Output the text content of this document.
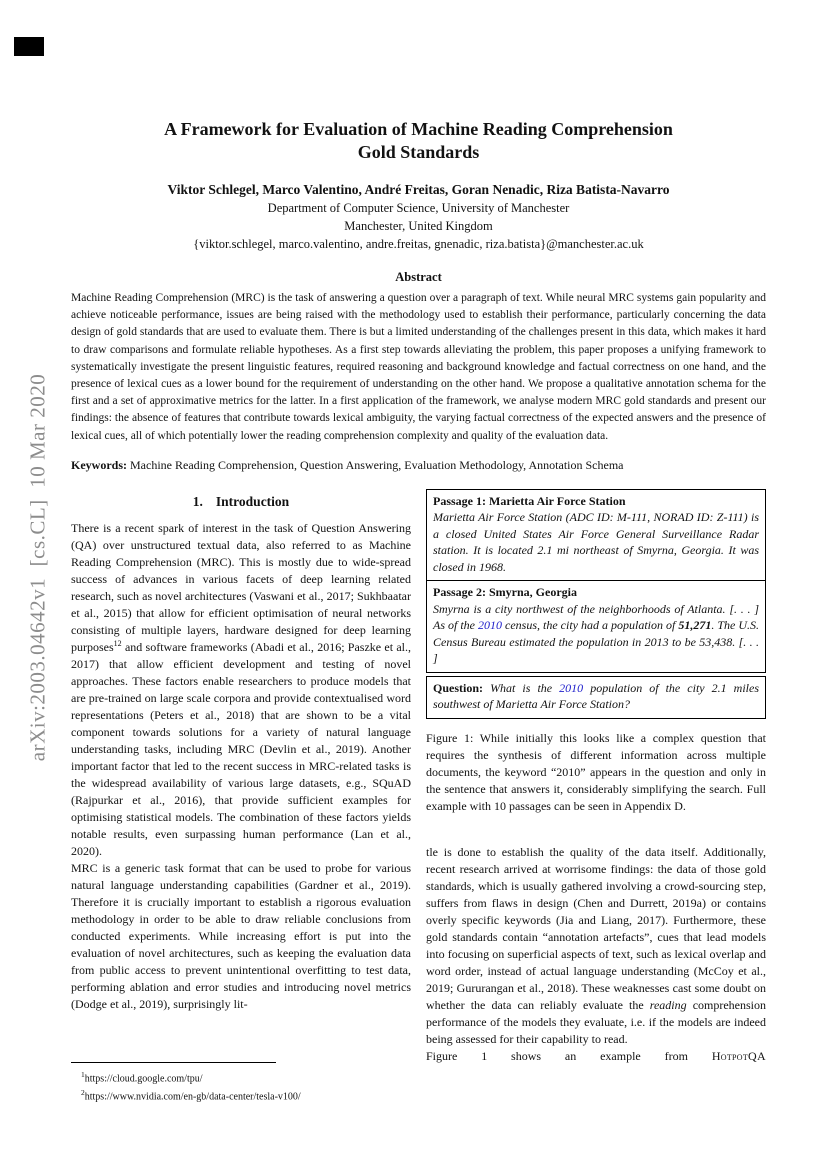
arXiv:2003.04642v1  [cs.CL]  10 Mar 2020
A Framework for Evaluation of Machine Reading Comprehension
Gold Standards
Viktor Schlegel, Marco Valentino, André Freitas, Goran Nenadic, Riza Batista-Navarro
Department of Computer Science, University of Manchester
Manchester, United Kingdom
{viktor.schlegel, marco.valentino, andre.freitas, gnenadic, riza.batista}@manchester.ac.uk
Abstract
Machine Reading Comprehension (MRC) is the task of answering a question over a paragraph of text. While neural MRC systems gain popularity and achieve noticeable performance, issues are being raised with the methodology used to establish their performance, particularly concerning the data design of gold standards that are used to evaluate them. There is but a limited understanding of the challenges present in this data, which makes it hard to draw comparisons and formulate reliable hypotheses. As a first step towards alleviating the problem, this paper proposes a unifying framework to systematically investigate the present linguistic features, required reasoning and background knowledge and factual correctness on one hand, and the presence of lexical cues as a lower bound for the requirement of understanding on the other hand. We propose a qualitative annotation schema for the first and a set of approximative metrics for the latter. In a first application of the framework, we analyse modern MRC gold standards and present our findings: the absence of features that contribute towards lexical ambiguity, the varying factual correctness of the expected answers and the presence of lexical cues, all of which potentially lower the reading comprehension complexity and quality of the evaluation data.
Keywords: Machine Reading Comprehension, Question Answering, Evaluation Methodology, Annotation Schema
1. Introduction

There is a recent spark of interest in the task of Question Answering (QA) over unstructured textual data, also referred to as Machine Reading Comprehension (MRC). This is mostly due to wide-spread success of advances in various facets of deep learning related research, such as novel architectures (Vaswani et al., 2017; Sukhbaatar et al., 2015) that allow for efficient optimisation of neural networks consisting of multiple layers, hardware designed for deep learning purposes$^{12}$ and software frameworks (Abadi et al., 2016; Paszke et al., 2017) that allow efficient development and testing of novel approaches. These factors enable researchers to produce models that are pre-trained on large scale corpora and provide contextualised word representations (Peters et al., 2018) that are shown to be a vital component towards solutions for a variety of natural language understanding tasks, including MRC (Devlin et al., 2019). Another important factor that led to the recent success in MRC-related tasks is the widespread availability of various large datasets, e.g., SQuAD (Rajpurkar et al., 2016), that provide sufficient examples for optimising statistical models. The combination of these factors yields notable results, even surpassing human performance (Lan et al., 2020).

MRC is a generic task format that can be used to probe for various natural language understanding capabilities (Gardner et al., 2019). Therefore it is crucially important to establish a rigorous evaluation methodology in order to be able to draw reliable conclusions from conducted experiments. While increasing effort is put into the evaluation of novel architectures, such as keeping the evaluation data from public access to prevent unintentional overfitting to test data, performing ablation and error studies and introducing novel metrics (Dodge et al., 2019), surprisingly lit-

Passage 1: Marietta Air Force Station
Marietta Air Force Station (ADC ID: M-111, NORAD ID: Z-111) is a closed United States Air Force General Surveillance Radar station. It is located 2.1 mi northeast of Smyrna, Georgia. It was closed in 1968.
Passage 2: Smyrna, Georgia
Smyrna is a city northwest of the neighborhoods of Atlanta. [. . . ] As of the 2010 census, the city had a population of 51,271. The U.S. Census Bureau estimated the population in 2013 to be 53,438. [. . . ]
Question: What is the 2010 population of the city 2.1 miles southwest of Marietta Air Force Station?
Figure 1: While initially this looks like a complex question that requires the synthesis of different information across multiple documents, the keyword “2010” appears in the question and only in the sentence that answers it, considerably simplifying the search. Full example with 10 passages can be seen in Appendix D.

tle is done to establish the quality of the data itself. Additionally, recent research arrived at worrisome findings: the data of those gold standards, which is usually gathered involving a crowd-sourcing step, suffers from flaws in design (Chen and Durrett, 2019a) or contains overly specific keywords (Jia and Liang, 2017). Furthermore, these gold standards contain “annotation artefacts”, cues that lead models into focusing on superficial aspects of text, such as lexical overlap and word order, instead of actual language understanding (McCoy et al., 2019; Gururangan et al., 2018). These weaknesses cast some doubt on whether the data can reliably evaluate the reading comprehension performance of the models they evaluate, i.e. if the models are indeed being assessed for their capability to read.

Figure 1 shows an example from HotpotQA
$^1$https://cloud.google.com/tpu/
$^2$https://www.nvidia.com/en-gb/data-center/tesla-v100/
